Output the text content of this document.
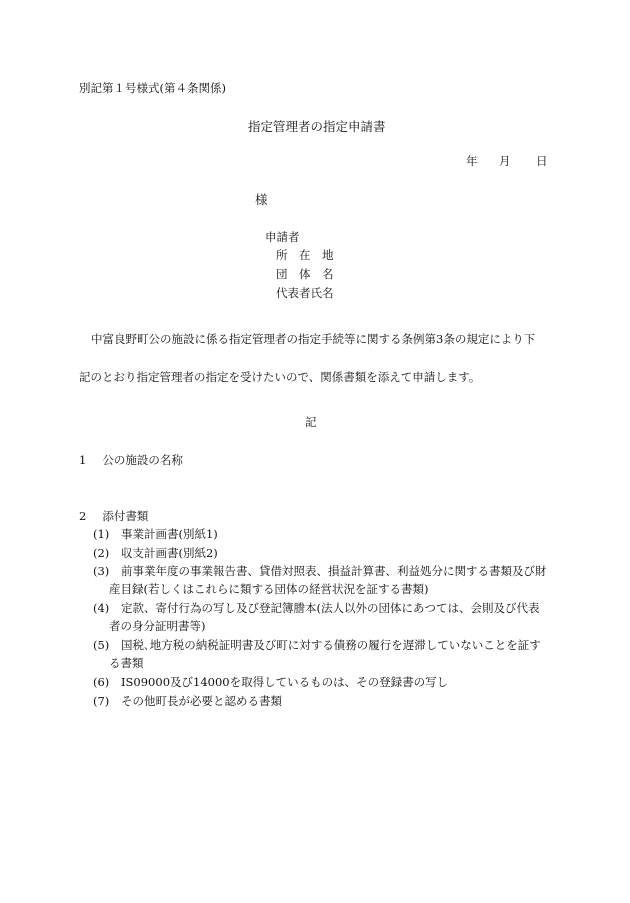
別記第１号様式(第４条関係)
指定管理者の指定申請書
年 月 日
様
申請者
所　在　地
団　体　名
代表者氏名
中富良野町公の施設に係る指定管理者の指定手続等に関する条例第3条の規定により下
記のとおり指定管理者の指定を受けたいので、関係書類を添えて申請します。
記
1 公の施設の名称
2 添付書類
(1)	事業計画書(別紙1)
(2)	収支計画書(別紙2)
(3)	前事業年度の事業報告書、貸借対照表、損益計算書、利益処分に関する書類及び財
産目録(若しくはこれらに類する団体の経営状況を証する書類)
(4)	定款、寄付行為の写し及び登記簿謄本(法人以外の団体にあつては、会則及び代表
者の身分証明書等)
(5)	国税､地方税の納税証明書及び町に対する債務の履行を遅滞していないことを証す
る書類
(6)	IS09000及び14000を取得しているものは、その登録書の写し
(7)	その他町長が必要と認める書類
